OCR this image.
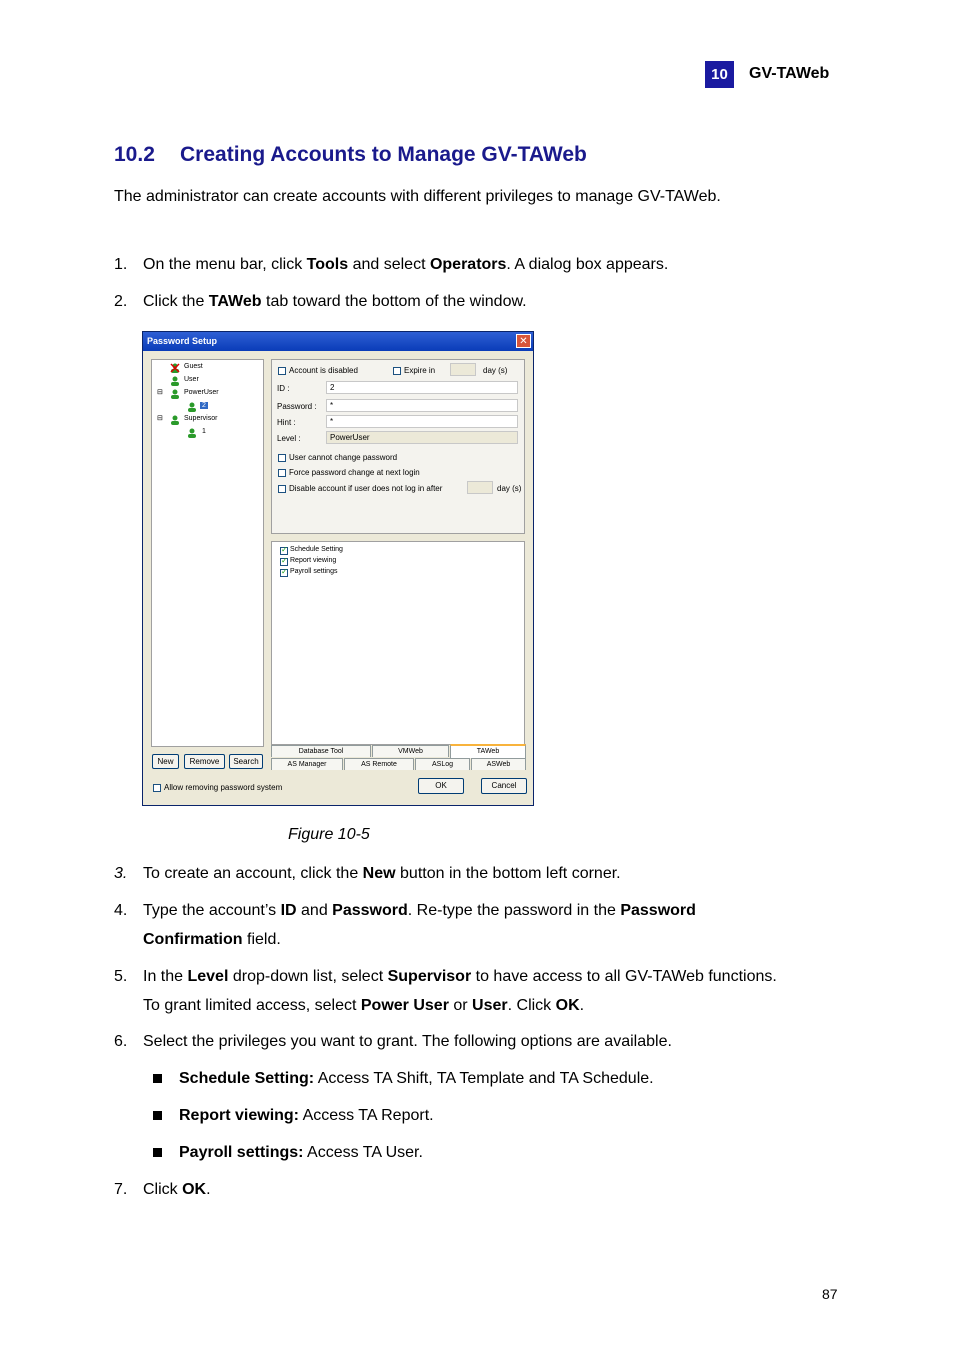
10	GV-TAWeb
10.2 Creating Accounts to Manage GV-TAWeb
The administrator can create accounts with different privileges to manage GV-TAWeb.
1. On the menu bar, click Tools and select Operators. A dialog box appears.
2. Click the TAWeb tab toward the bottom of the window.
Password Setup	✕
Guest
User
⊟	PowerUser
2
⊟	Supervisor
1
Account is disabled	Expire in	day (s)
ID :	2
Password :	*
Hint :	*
Level :	PowerUser
User cannot change password
Force password change at next login
Disable account if user does not log in after	day (s)
✓
Schedule Setting
✓
Report viewing
✓
Payroll settings
Database Tool	VMWeb	TAWeb
AS Manager	AS Remote	ASLog	ASWeb
New	Remove	Search
Allow removing password system	OK	Cancel
Figure 10-5
3. To create an account, click the New button in the bottom left corner.
4. Type the account’s ID and Password. Re-type the password in the Password
Confirmation field.
5. In the Level drop-down list, select Supervisor to have access to all GV-TAWeb functions.
To grant limited access, select Power User or User. Click OK.
6. Select the privileges you want to grant. The following options are available.
Schedule Setting: Access TA Shift, TA Template and TA Schedule.
Report viewing: Access TA Report.
Payroll settings: Access TA User.
7. Click OK.
87
